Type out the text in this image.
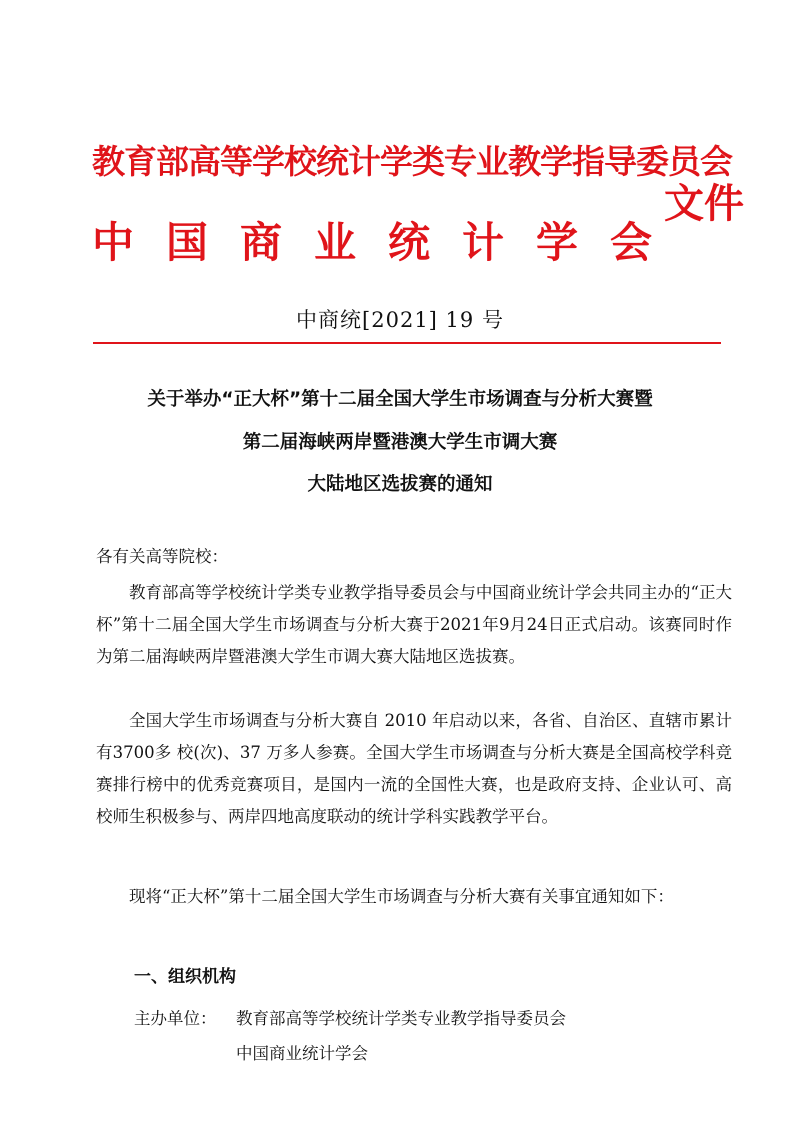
教育部高等学校统计学类专业教学指导委员会
中国商业统计学会
文件
中商统[2021] 19 号
关于举办“正大杯”第十二届全国大学生市场调查与分析大赛暨
第二届海峡两岸暨港澳大学生市调大赛
大陆地区选拔赛的通知
各有关高等院校：
教育部高等学校统计学类专业教学指导委员会与中国商业统计学会共同主办的“正大杯”第十二届全国大学生市场调查与分析大赛于2021年9月24日正式启动。该赛同时作为第二届海峡两岸暨港澳大学生市调大赛大陆地区选拔赛。
全国大学生市场调查与分析大赛自 2010 年启动以来，各省、自治区、直辖市累计有3700多 校(次)、37 万多人参赛。全国大学生市场调查与分析大赛是全国高校学科竞赛排行榜中的优秀竞赛项目，是国内一流的全国性大赛，也是政府支持、企业认可、高校师生积极参与、两岸四地高度联动的统计学科实践教学平台。
现将“正大杯”第十二届全国大学生市场调查与分析大赛有关事宜通知如下：
一、组织机构
主办单位： 教育部高等学校统计学类专业教学指导委员会
中国商业统计学会
